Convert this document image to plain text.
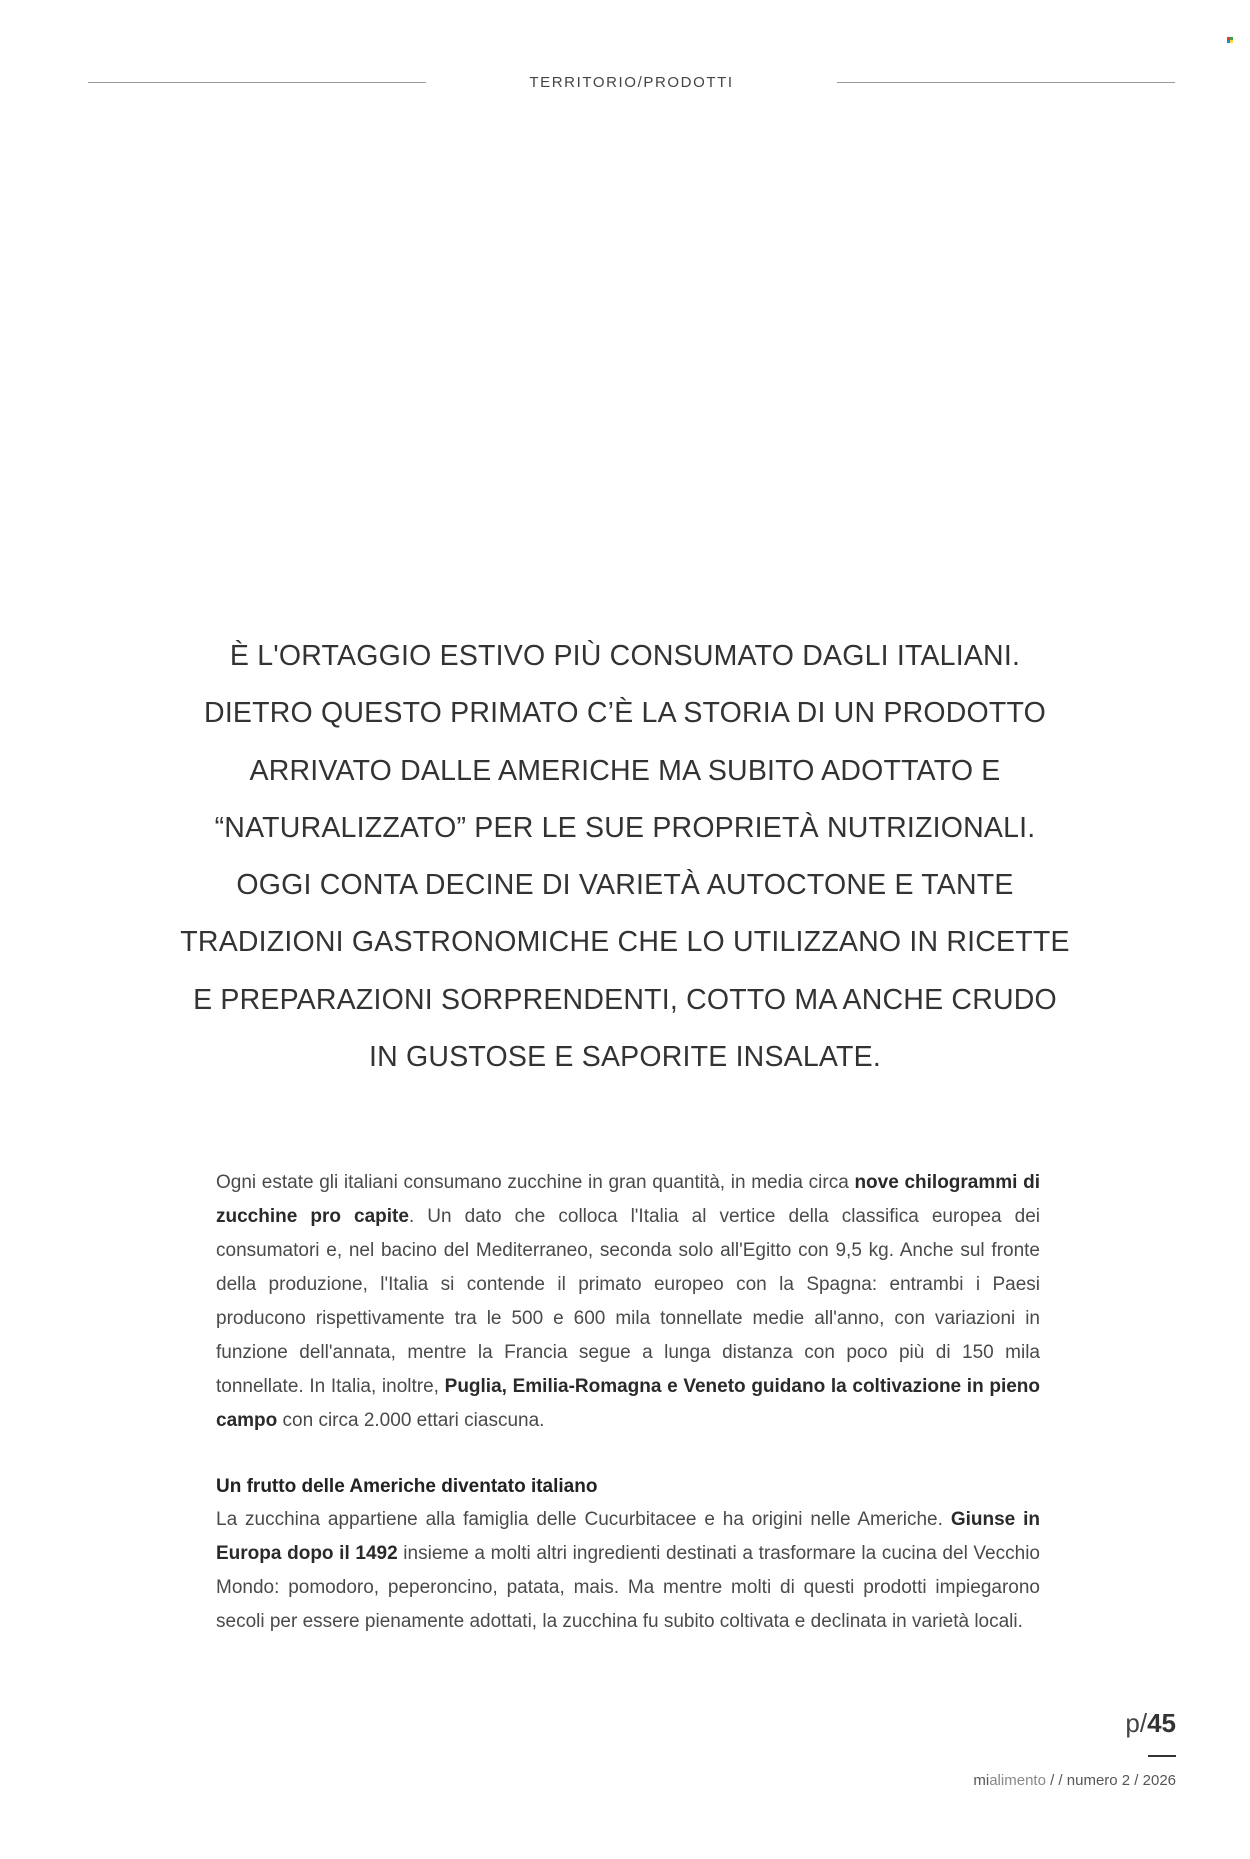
TERRITORIO/PRODOTTI
È L'ORTAGGIO ESTIVO PIÙ CONSUMATO DAGLI ITALIANI.
DIETRO QUESTO PRIMATO C’È LA STORIA DI UN PRODOTTO
ARRIVATO DALLE AMERICHE MA SUBITO ADOTTATO E
“NATURALIZZATO” PER LE SUE PROPRIETÀ NUTRIZIONALI.
OGGI CONTA DECINE DI VARIETÀ AUTOCTONE E TANTE
TRADIZIONI GASTRONOMICHE CHE LO UTILIZZANO IN RICETTE
E PREPARAZIONI SORPRENDENTI, COTTO MA ANCHE CRUDO
IN GUSTOSE E SAPORITE INSALATE.

Ogni estate gli italiani consumano zucchine in gran quantità, in media circa nove chilogrammi di zucchine pro capite. Un dato che colloca l'Italia al vertice della classifica europea dei consumatori e, nel bacino del Mediterraneo, seconda solo all'Egitto con 9,5 kg. Anche sul fronte della produzione, l'Italia si contende il primato europeo con la Spagna: entrambi i Paesi producono rispettivamente tra le 500 e 600 mila tonnellate medie all'anno, con variazioni in funzione dell'annata, mentre la Francia segue a lunga distanza con poco più di 150 mila tonnellate. In Italia, inoltre, Puglia, Emilia-Romagna e Veneto guidano la coltivazione in pieno campo con circa 2.000 ettari ciascuna.

Un frutto delle Americhe diventato italiano

La zucchina appartiene alla famiglia delle Cucurbitacee e ha origini nelle Americhe. Giunse in Europa dopo il 1492 insieme a molti altri ingredienti destinati a trasformare la cucina del Vecchio Mondo: pomodoro, peperoncino, patata, mais. Ma mentre molti di questi prodotti impiegarono secoli per essere pienamente adottati, la zucchina fu subito coltivata e declinata in varietà locali.

p/45
mialimento / / numero 2 / 2026
